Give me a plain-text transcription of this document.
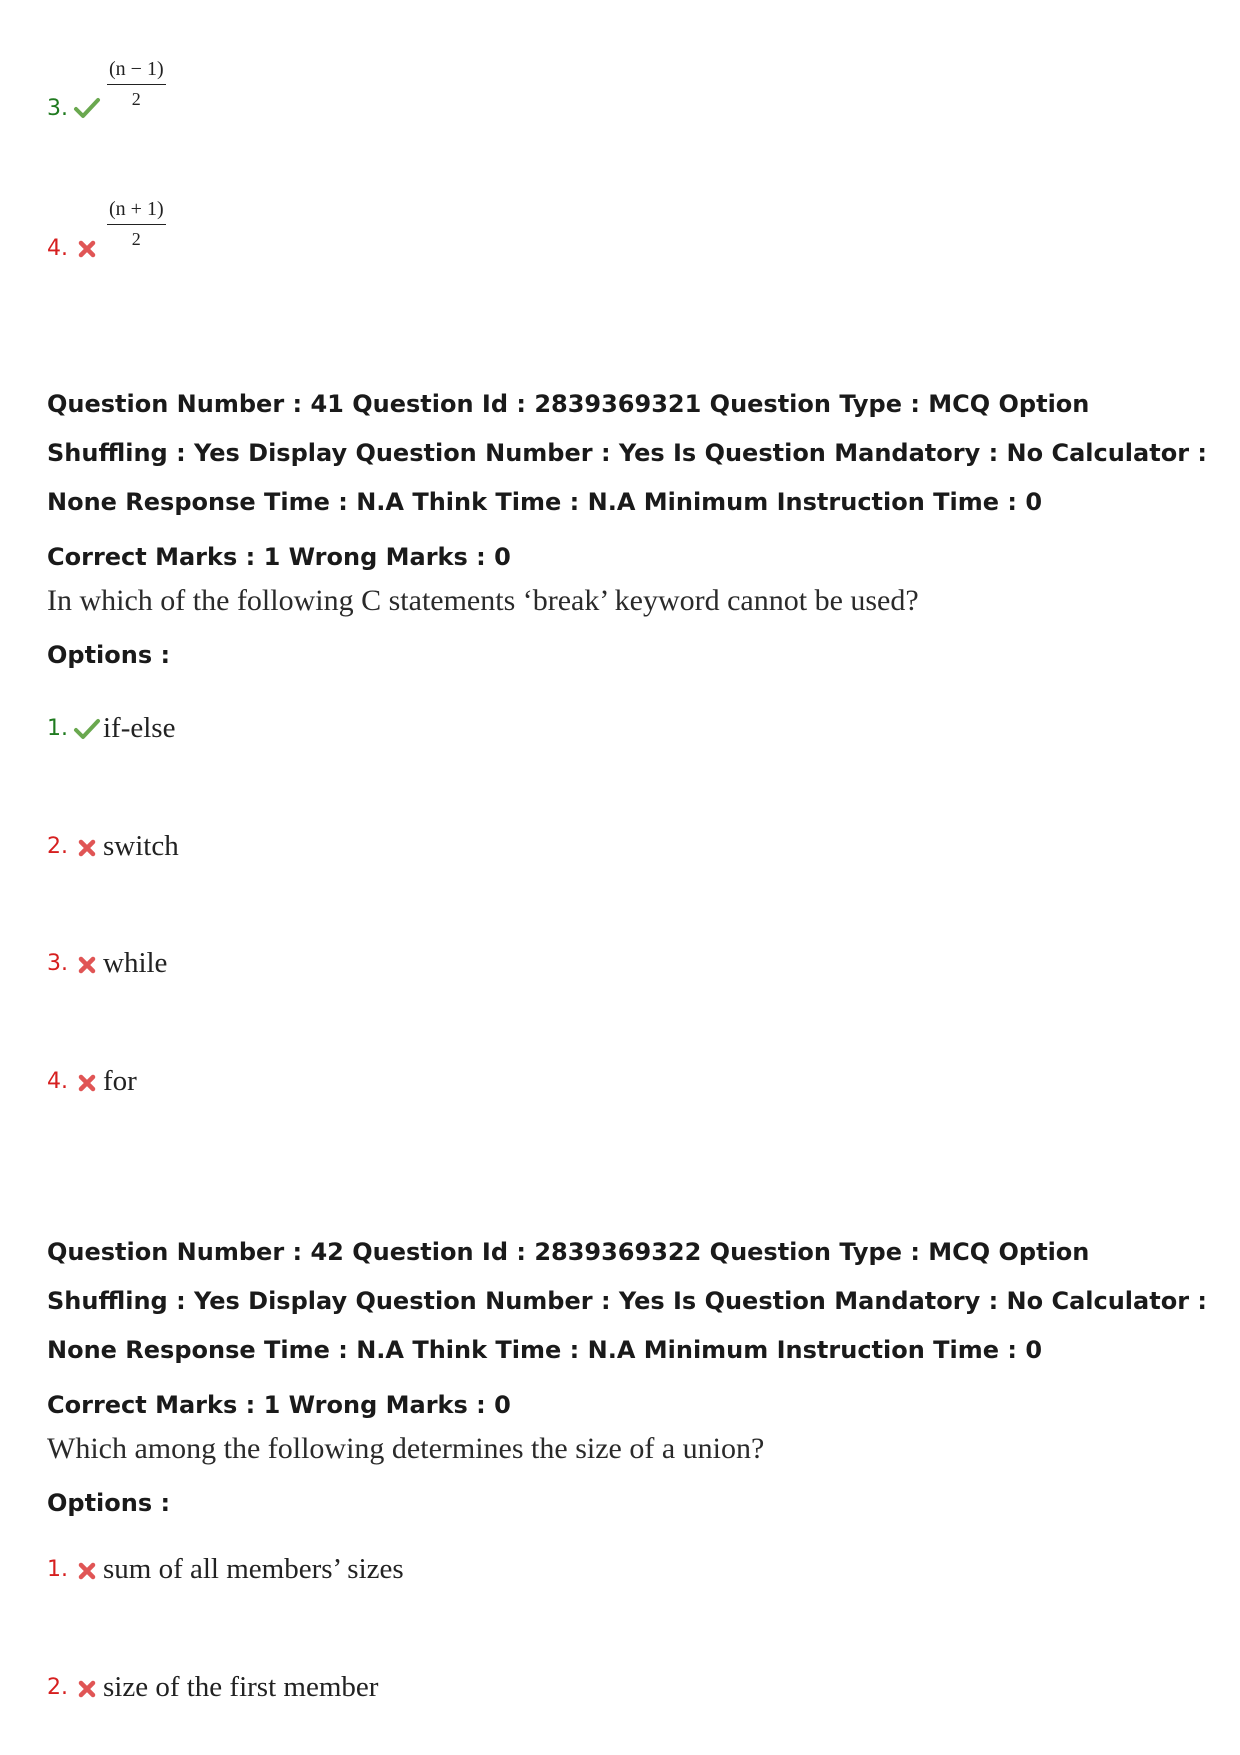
3. $\frac{(n - 1)}{2}$
4. $\frac{(n + 1)}{2}$
Question Number : 41 Question Id : 2839369321 Question Type : MCQ Option Shuffling : Yes Display Question Number : Yes Is Question Mandatory : No Calculator : None Response Time : N.A Think Time : N.A Minimum Instruction Time : 0
Correct Marks : 1 Wrong Marks : 0
In which of the following C statements ‘break’ keyword cannot be used?
Options :
1. if-else
2. switch
3. while
4. for
Question Number : 42 Question Id : 2839369322 Question Type : MCQ Option Shuffling : Yes Display Question Number : Yes Is Question Mandatory : No Calculator : None Response Time : N.A Think Time : N.A Minimum Instruction Time : 0
Correct Marks : 1 Wrong Marks : 0
Which among the following determines the size of a union?
Options :
1. sum of all members’ sizes
2. size of the first member
